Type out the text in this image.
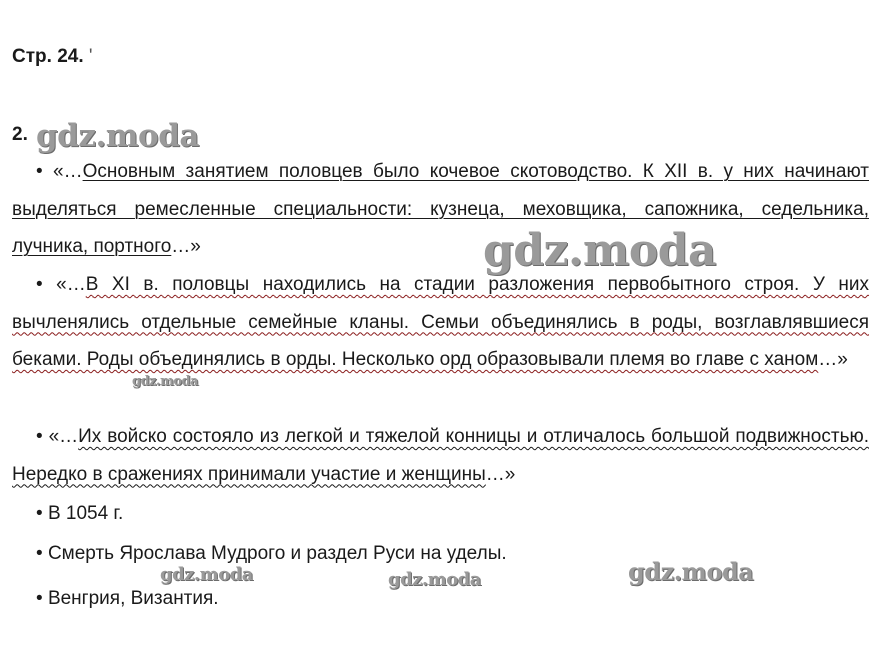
Стр. 24. '
2.
• «…Основным занятием половцев было кочевое скотоводство. К XII в. у них начинают выделяться ремесленные специальности: кузнеца, меховщика, сапожника, седельника, лучника, портного…»
• «…В XI в. половцы находились на стадии разложения первобытного строя. У них вычленялись отдельные семейные кланы. Семьи объединялись в роды, возглавлявшиеся беками. Роды объединялись в орды. Несколько орд образовывали племя во главе с ханом…»
• «…Их войско состояло из легкой и тяжелой конницы и отличалось большой подвижностью. Нередко в сражениях принимали участие и женщины…»
• В 1054 г.
• Смерть Ярослава Мудрого и раздел Руси на уделы.
• Венгрия, Византия.
gdz.moda
gdz.moda
gdz.moda
gdz.moda	gdz.moda	gdz.moda
